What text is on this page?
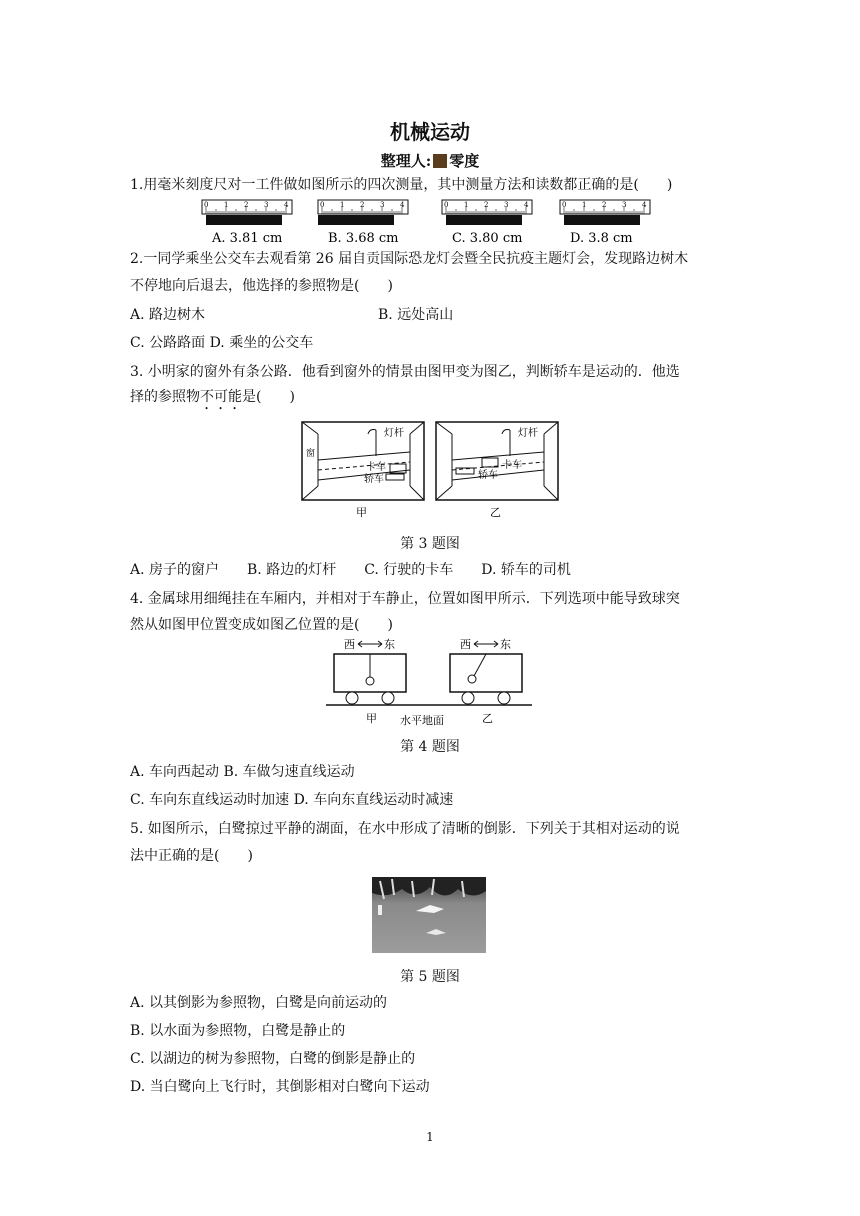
机械运动
整理人: 零度
1.用毫米刻度尺对一工件做如图所示的四次测量，其中测量方法和读数都正确的是(　　)
0 1 2 3 4
A. 3.81 cm
0 1 2 3 4
B. 3.68 cm
0 1 2 3 4
C. 3.80 cm
0 1 2 3 4
D. 3.8 cm
2.一同学乘坐公交车去观看第 26 届自贡国际恐龙灯会暨全民抗疫主题灯会，发现路边树木
不停地向后退去，他选择的参照物是(　　)
A. 路边树木	B. 远处高山
C. 公路路面 D. 乘坐的公交车
3. 小明家的窗外有条公路．他看到窗外的情景由图甲变为图乙，判断轿车是运动的．他选
择的参照物不可能是(　　)
灯杆
卡车
轿车
窗
灯杆
卡车
轿车
甲	乙
第 3 题图
A. 房子的窗户　　B. 路边的灯杆　　C. 行驶的卡车　　D. 轿车的司机
4. 金属球用细绳挂在车厢内，并相对于车静止，位置如图甲所示．下列选项中能导致球突
然从如图甲位置变成如图乙位置的是(　　)
西	东	西	东
甲 水平地面	乙
第 4 题图
A. 车向西起动 B. 车做匀速直线运动
C. 车向东直线运动时加速 D. 车向东直线运动时减速
5. 如图所示，白鹭掠过平静的湖面，在水中形成了清晰的倒影．下列关于其相对运动的说
法中正确的是(　　)
第 5 题图
A. 以其倒影为参照物，白鹭是向前运动的
B. 以水面为参照物，白鹭是静止的
C. 以湖边的树为参照物，白鹭的倒影是静止的
D. 当白鹭向上飞行时，其倒影相对白鹭向下运动
1
